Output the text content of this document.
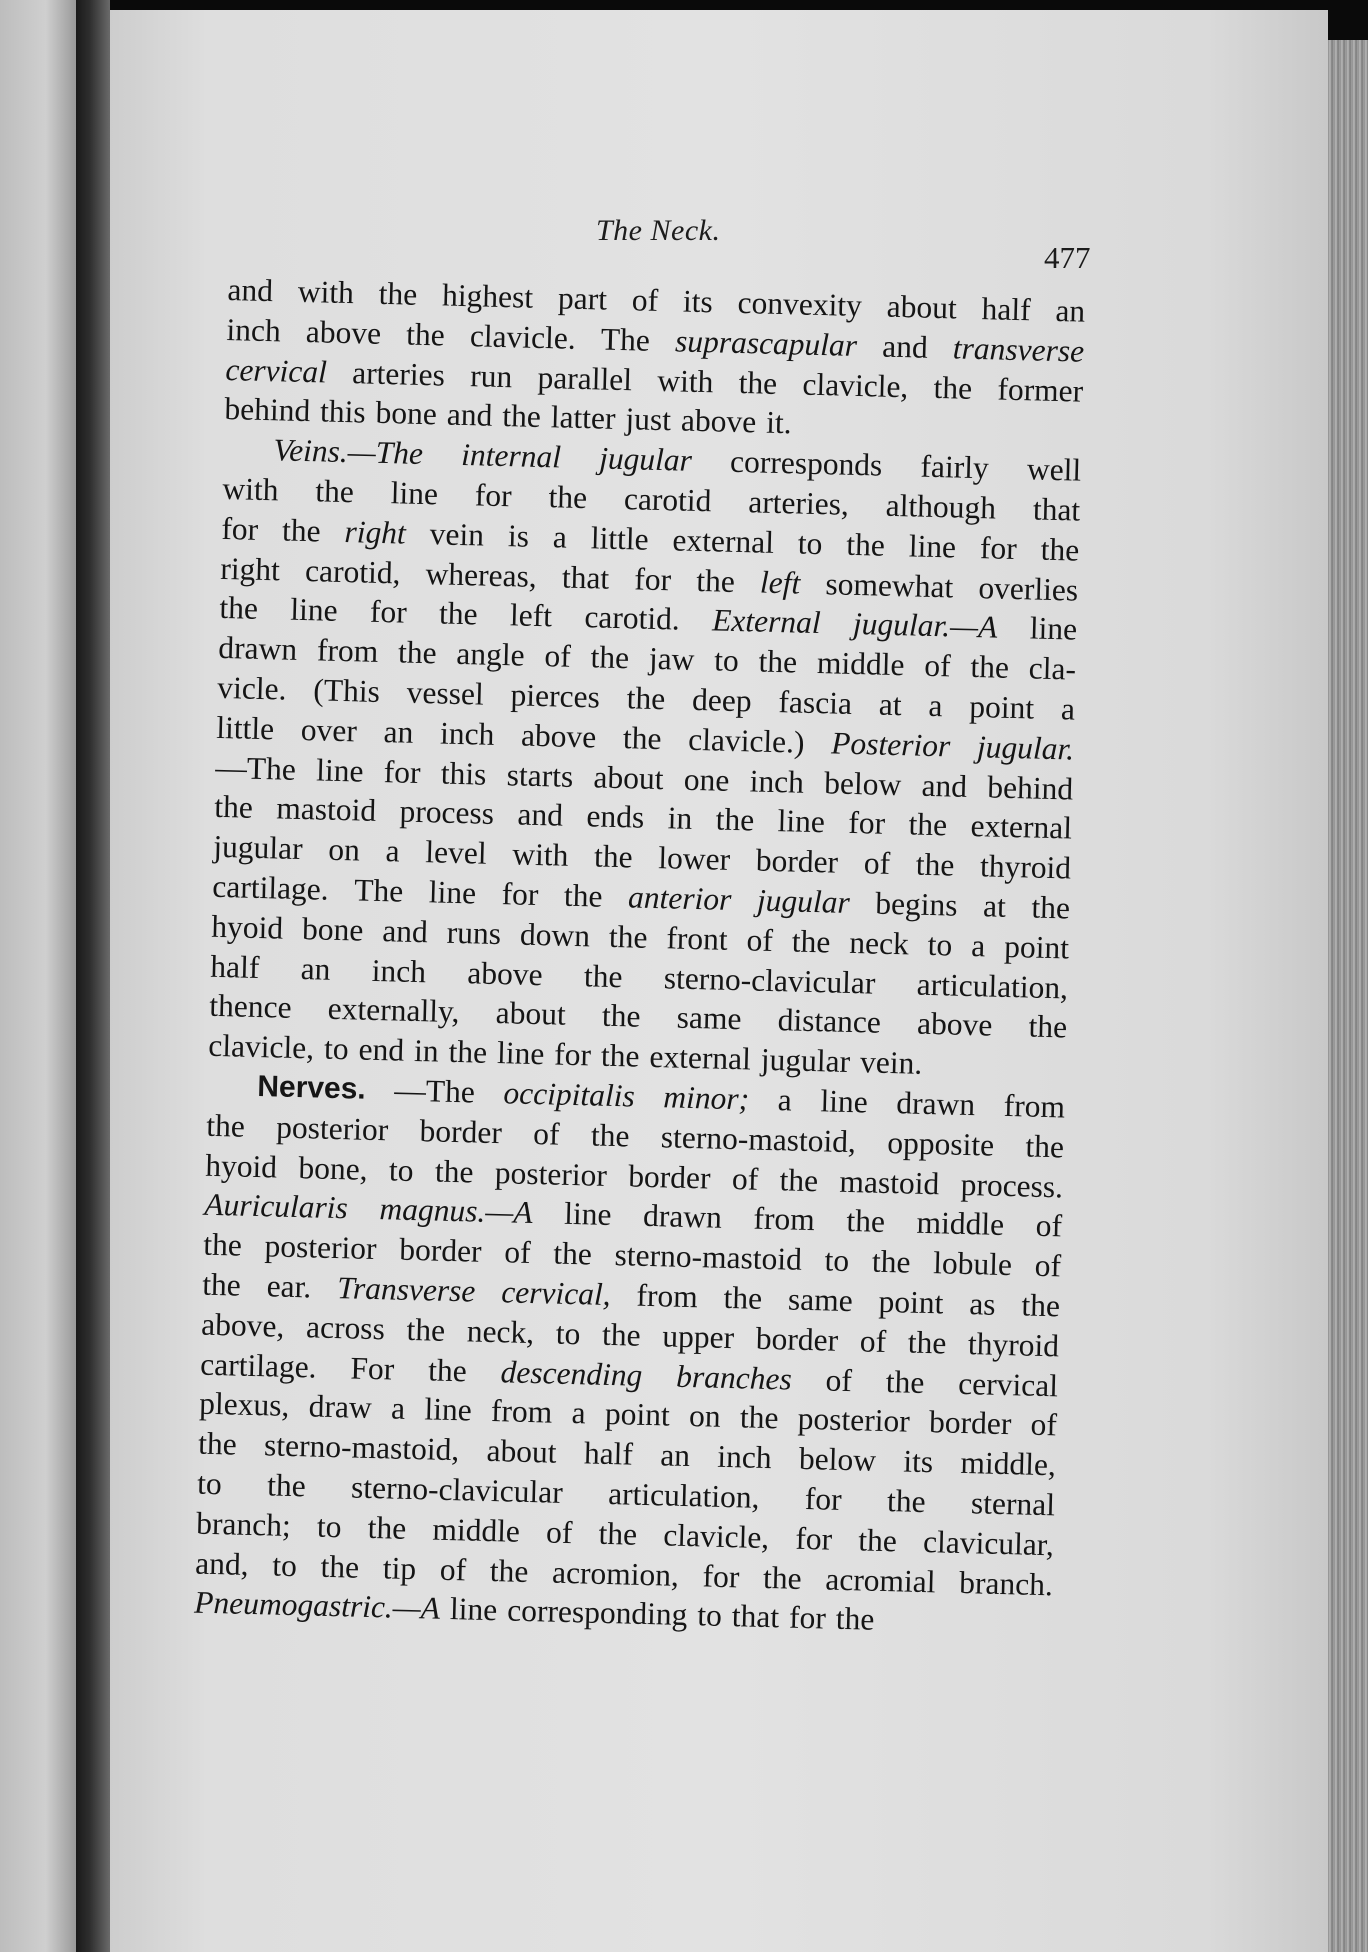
The Neck.
477
and with the highest part of its convexity about half an
inch above the clavicle. The suprascapular and transverse
cervical arteries run parallel with the clavicle, the former
behind this bone and the latter just above it.
Veins.—The internal jugular corresponds fairly well
with the line for the carotid arteries, although that
for the right vein is a little external to the line for the
right carotid, whereas, that for the left somewhat overlies
the line for the left carotid. External jugular.—A line
drawn from the angle of the jaw to the middle of the cla-
vicle. (This vessel pierces the deep fascia at a point a
little over an inch above the clavicle.) Posterior jugular.
—The line for this starts about one inch below and behind
the mastoid process and ends in the line for the external
jugular on a level with the lower border of the thyroid
cartilage. The line for the anterior jugular begins at the
hyoid bone and runs down the front of the neck to a point
half an inch above the sterno-clavicular articulation,
thence externally, about the same distance above the
clavicle, to end in the line for the external jugular vein.
Nerves. —The occipitalis minor; a line drawn from
the posterior border of the sterno-mastoid, opposite the
hyoid bone, to the posterior border of the mastoid process.
Auricularis magnus.—A line drawn from the middle of
the posterior border of the sterno-mastoid to the lobule of
the ear. Transverse cervical, from the same point as the
above, across the neck, to the upper border of the thyroid
cartilage. For the descending branches of the cervical
plexus, draw a line from a point on the posterior border of
the sterno-mastoid, about half an inch below its middle,
to the sterno-clavicular articulation, for the sternal
branch; to the middle of the clavicle, for the clavicular,
and, to the tip of the acromion, for the acromial branch.
Pneumogastric.—A line corresponding to that for the
